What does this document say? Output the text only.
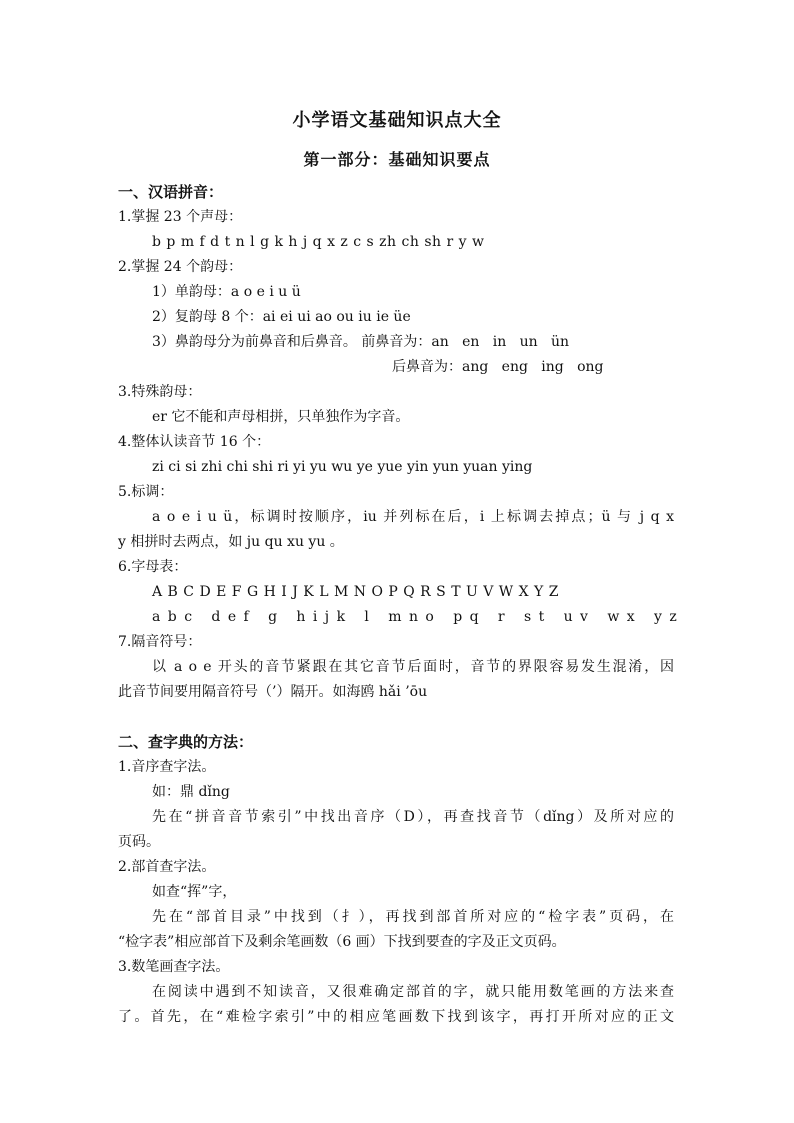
小学语文基础知识点大全
第一部分：基础知识要点
一、汉语拼音：
1.掌握 23 个声母：
b p m f d t n l g k h j q x z c s zh ch sh r y w
2.掌握 24 个韵母：
1）单韵母：a o e i u ü
2）复韵母 8 个：ai ei ui ao ou iu ie üe
3）鼻韵母分为前鼻音和后鼻音。 前鼻音为：an   en   in   un   ün
后鼻音为：ang   eng   ing   ong
3.特殊韵母：
er 它不能和声母相拼，只单独作为字音。
4.整体认读音节 16 个：
zi ci si zhi chi shi ri yi yu wu ye yue yin yun yuan ying
5.标调：
a o e i u ü，标调时按顺序，iu 并列标在后，i 上标调去掉点；ü 与 j q x
y 相拼时去两点，如 ju qu xu yu 。
6.字母表：
A B C D E F G H I J K L M N O P Q R S T U V W X Y Z
a b c   d e f   g   h i j k   l   m n o   p q   r   s t   u v   w x   y z
7.隔音符号：
以 a o e 开头的音节紧跟在其它音节后面时，音节的界限容易发生混淆，因
此音节间要用隔音符号（’）隔开。如海鸥 hǎi ’ōu
二、查字典的方法：
1.音序查字法。
如：鼎 dǐng
先在“拼音音节索引”中找出音序（D），再查找音节（dǐng）及所对应的
页码。
2.部首查字法。
如查“挥”字，
先在“部首目录”中找到（扌），再找到部首所对应的“检字表”页码，在
“检字表”相应部首下及剩余笔画数（6 画）下找到要查的字及正文页码。
3.数笔画查字法。
在阅读中遇到不知读音，又很难确定部首的字，就只能用数笔画的方法来查
了。首先，在“难检字索引”中的相应笔画数下找到该字，再打开所对应的正文
